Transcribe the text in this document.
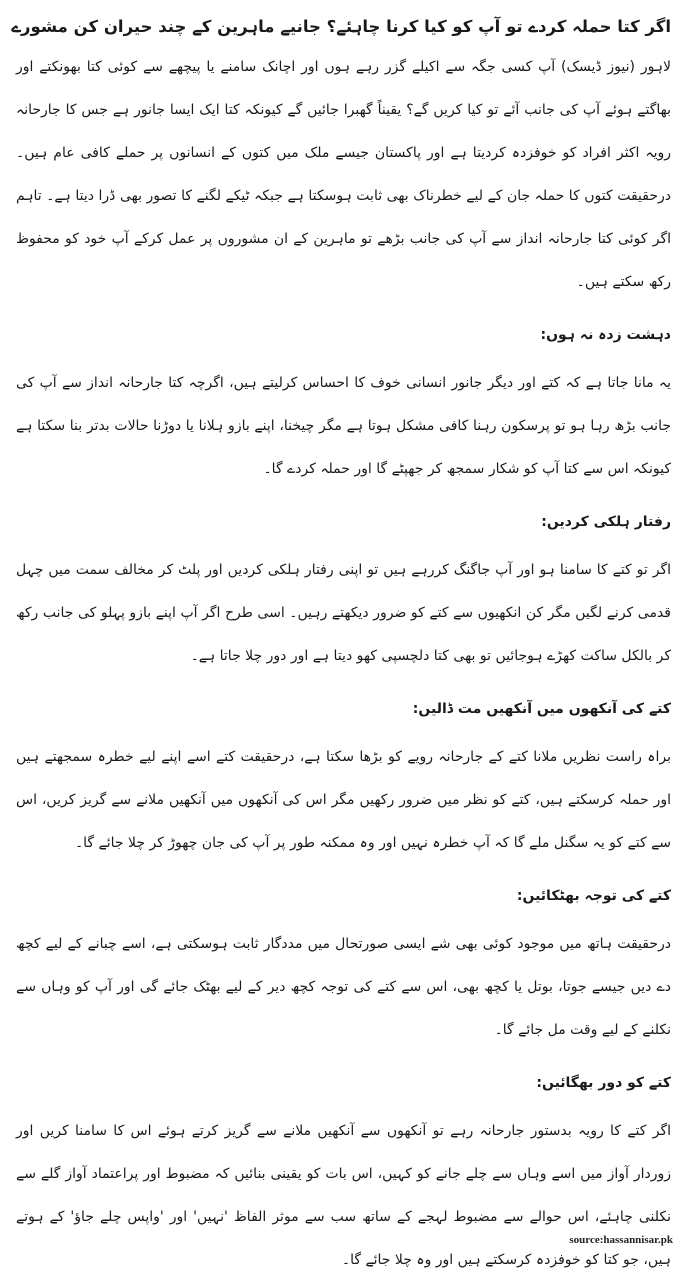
اگر کتا حملہ کردے تو آپ کو کیا کرنا چاہئے؟ جانیے ماہرین کے چند حیران کن مشورے

لاہور (نیوز ڈیسک) آپ کسی جگہ سے اکیلے گزر رہے ہوں اور اچانک سامنے یا پیچھے سے کوئی کتا بھونکتے اور بھاگتے ہوئے آپ کی جانب آئے تو کیا کریں گے؟ یقیناً گھبرا جائیں گے کیونکہ کتا ایک ایسا جانور ہے جس کا جارحانہ رویہ اکثر افراد کو خوفزدہ کردیتا ہے اور پاکستان جیسے ملک میں کتوں کے انسانوں پر حملے کافی عام ہیں۔ درحقیقت کتوں کا حملہ جان کے لیے خطرناک بھی ثابت ہوسکتا ہے جبکہ ٹیکے لگنے کا تصور بھی ڈرا دیتا ہے۔ تاہم اگر کوئی کتا جارحانہ انداز سے آپ کی جانب بڑھے تو ماہرین کے ان مشوروں پر عمل کرکے آپ خود کو محفوظ رکھ سکتے ہیں۔

دہشت زدہ نہ ہوں:

یہ مانا جاتا ہے کہ کتے اور دیگر جانور انسانی خوف کا احساس کرلیتے ہیں، اگرچہ کتا جارحانہ انداز سے آپ کی جانب بڑھ رہا ہو تو پرسکون رہنا کافی مشکل ہوتا ہے مگر چیخنا، اپنے بازو ہلانا یا دوڑنا حالات بدتر بنا سکتا ہے کیونکہ اس سے کتا آپ کو شکار سمجھ کر جھپٹے گا اور حملہ کردے گا۔

رفتار ہلکی کردیں:

اگر تو کتے کا سامنا ہو اور آپ جاگنگ کررہے ہیں تو اپنی رفتار ہلکی کردیں اور پلٹ کر مخالف سمت میں چہل قدمی کرنے لگیں مگر کن انکھیوں سے کتے کو ضرور دیکھتے رہیں۔ اسی طرح اگر آپ اپنے بازو پہلو کی جانب رکھ کر بالکل ساکت کھڑے ہوجائیں تو بھی کتا دلچسپی کھو دیتا ہے اور دور چلا جاتا ہے۔

کتے کی آنکھوں میں آنکھیں مت ڈالیں:

براہ راست نظریں ملانا کتے کے جارحانہ رویے کو بڑھا سکتا ہے، درحقیقت کتے اسے اپنے لیے خطرہ سمجھتے ہیں اور حملہ کرسکتے ہیں، کتے کو نظر میں ضرور رکھیں مگر اس کی آنکھوں میں آنکھیں ملانے سے گریز کریں، اس سے کتے کو یہ سگنل ملے گا کہ آپ خطرہ نہیں اور وہ ممکنہ طور پر آپ کی جان چھوڑ کر چلا جائے گا۔

کتے کی توجہ بھٹکائیں:

درحقیقت ہاتھ میں موجود کوئی بھی شے ایسی صورتحال میں مددگار ثابت ہوسکتی ہے، اسے چبانے کے لیے کچھ دے دیں جیسے جوتا، بوتل یا کچھ بھی، اس سے کتے کی توجہ کچھ دیر کے لیے بھٹک جائے گی اور آپ کو وہاں سے نکلنے کے لیے وقت مل جائے گا۔

کتے کو دور بھگائیں:

اگر کتے کا رویہ بدستور جارحانہ رہے تو آنکھوں سے آنکھیں ملانے سے گریز کرتے ہوئے اس کا سامنا کریں اور زوردار آواز میں اسے وہاں سے چلے جانے کو کہیں، اس بات کو یقینی بنائیں کہ مضبوط اور پراعتماد آواز گلے سے نکلنی چاہئے، اس حوالے سے مضبوط لہجے کے ساتھ سب سے موثر الفاظ 'نہیں' اور 'واپس چلے جاؤ' کے ہوتے ہیں، جو کتا کو خوفزدہ کرسکتے ہیں اور وہ چلا جائے گا۔

source:hassannisar.pk
